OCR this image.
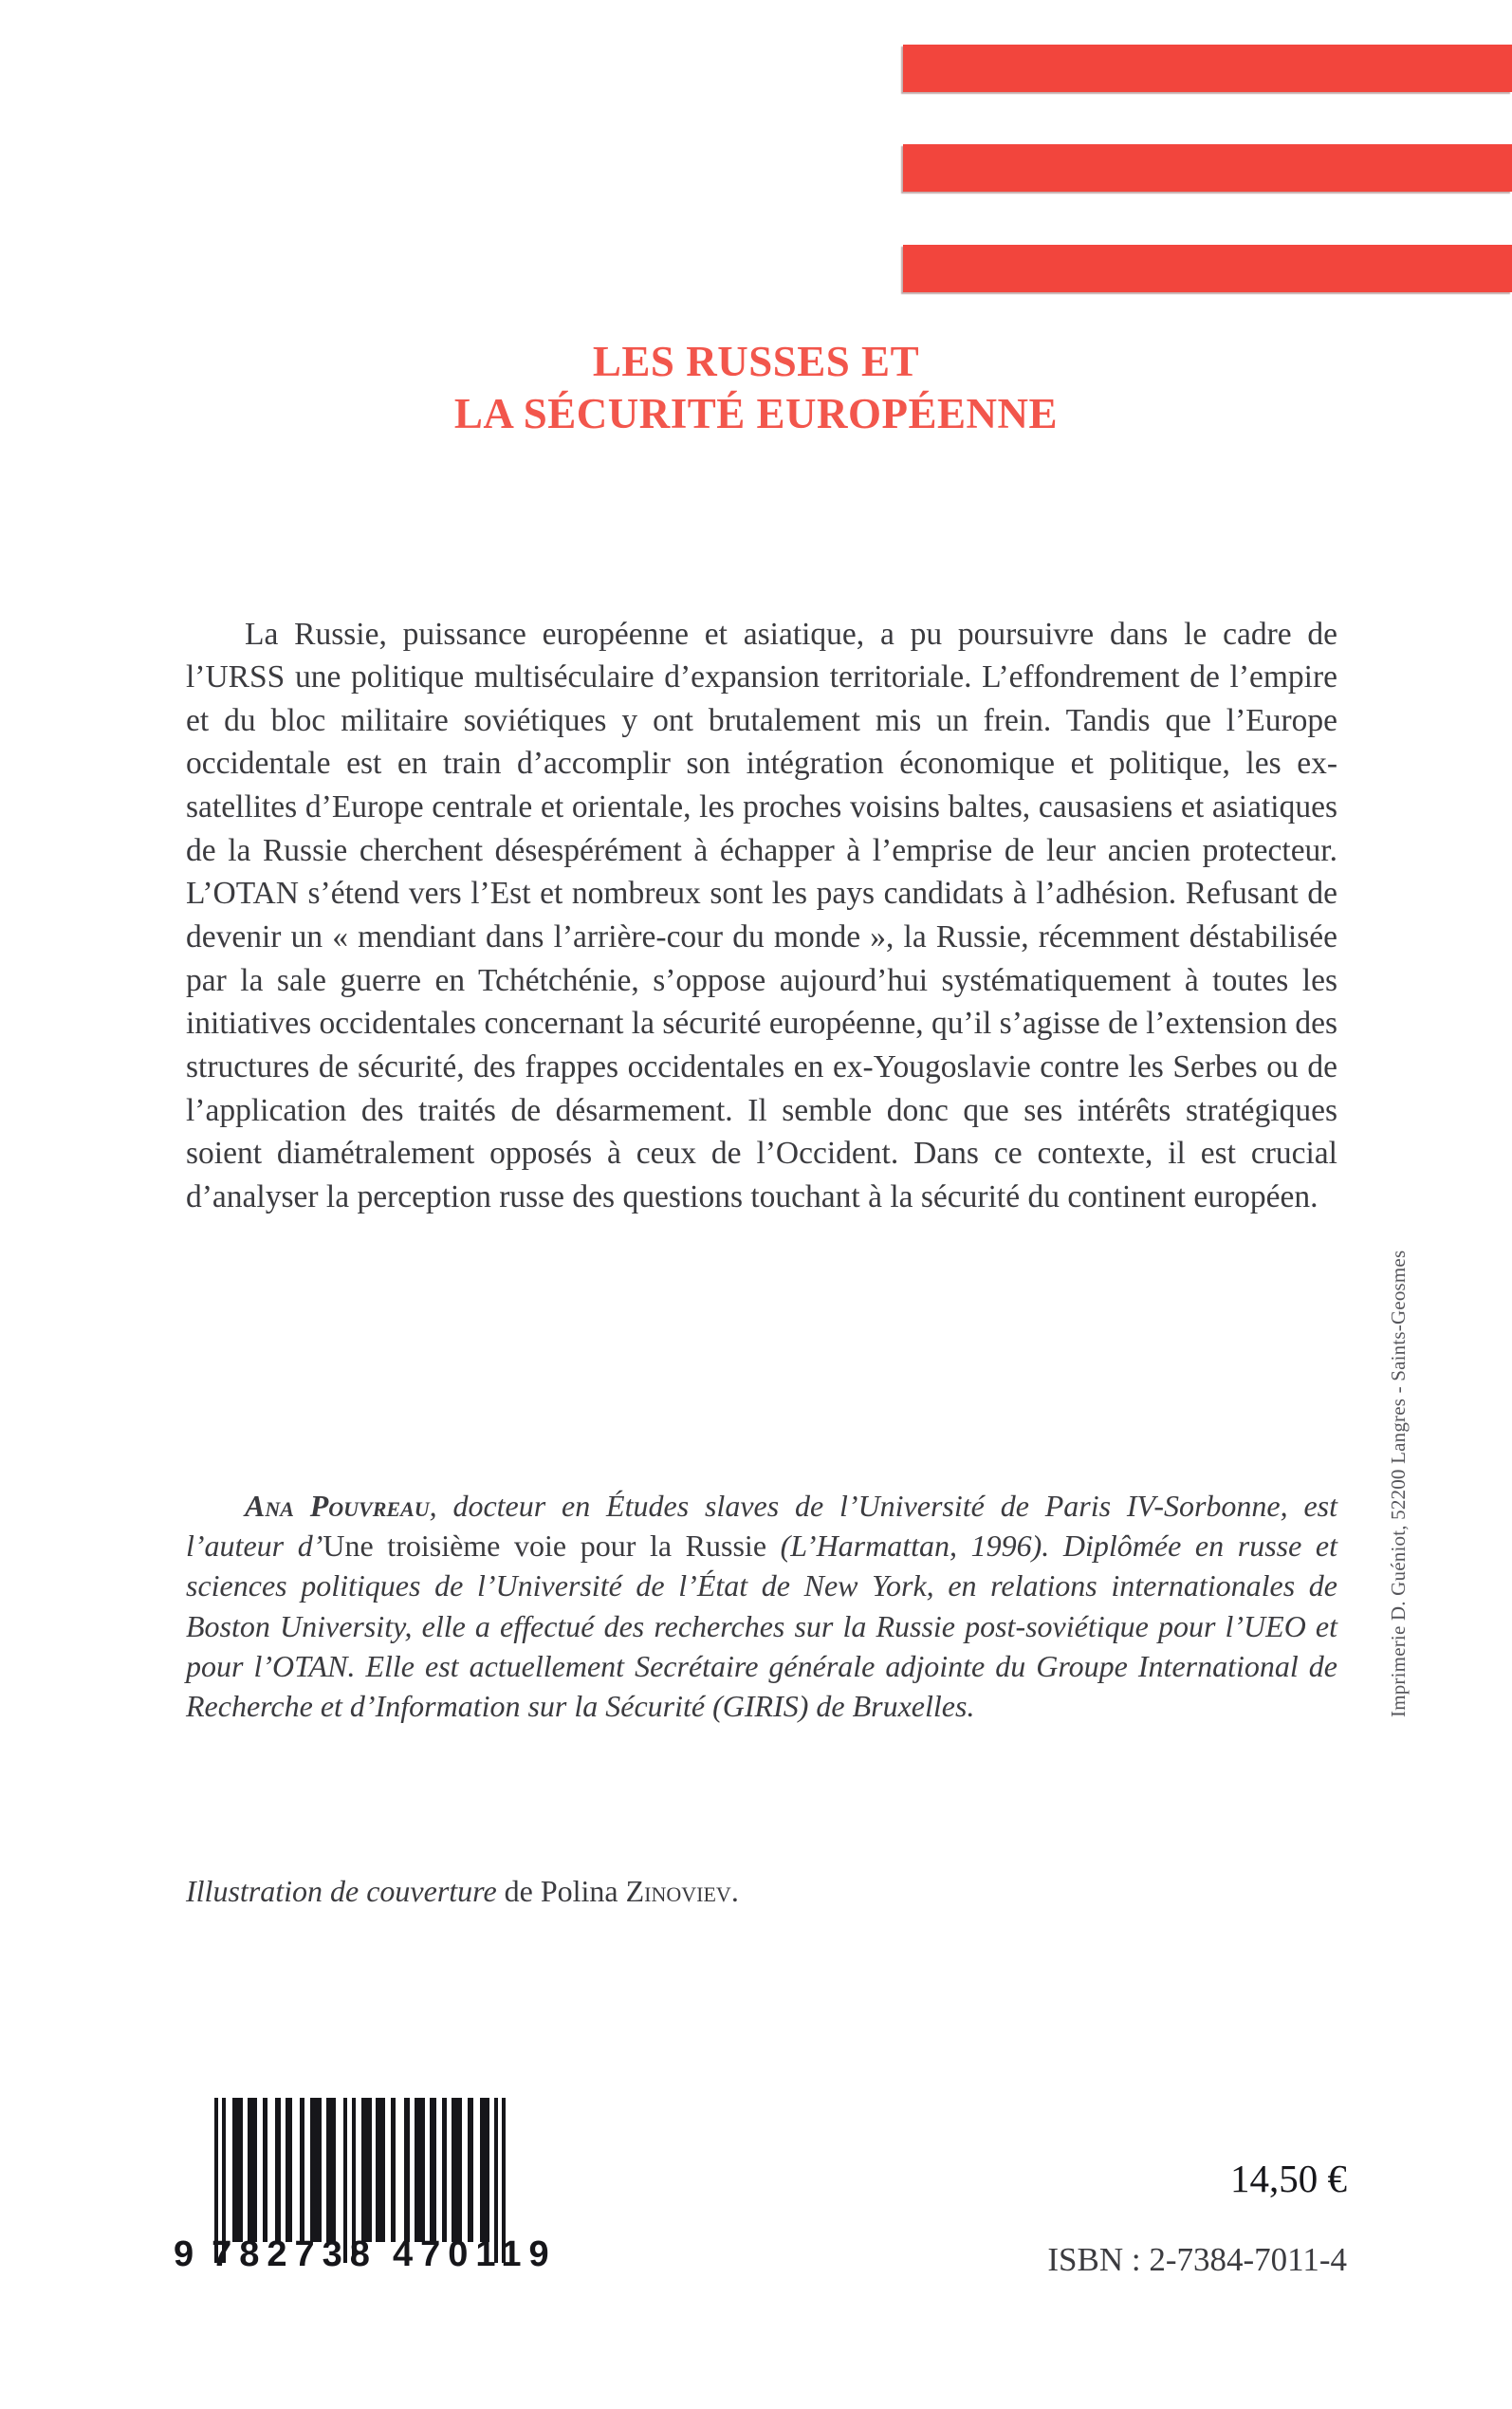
LES RUSSES ET
LA SÉCURITÉ EUROPÉENNE

La Russie, puissance européenne et asiatique, a pu poursuivre dans le cadre de l’URSS une politique multiséculaire d’expansion territoriale. L’effondrement de l’empire et du bloc militaire soviétiques y ont brutalement mis un frein. Tandis que l’Europe occidentale est en train d’accomplir son intégration économique et politique, les ex-satellites d’Europe centrale et orientale, les proches voisins baltes, causasiens et asiatiques de la Russie cherchent désespérément à échapper à l’emprise de leur ancien protecteur. L’OTAN s’étend vers l’Est et nombreux sont les pays candidats à l’adhésion. Refusant de devenir un « mendiant dans l’arrière-cour du monde », la Russie, récemment déstabilisée par la sale guerre en Tchétchénie, s’oppose aujourd’hui systématiquement à toutes les initiatives occidentales concernant la sécurité européenne, qu’il s’agisse de l’extension des structures de sécurité, des frappes occidentales en ex-Yougoslavie contre les Serbes ou de l’application des traités de désarmement. Il semble donc que ses intérêts stratégiques soient diamétralement opposés à ceux de l’Occident. Dans ce contexte, il est crucial d’analyser la perception russe des questions touchant à la sécurité du continent européen.

Ana Pouvreau, docteur en Études slaves de l’Université de Paris IV-Sorbonne, est l’auteur d’Une troisième voie pour la Russie (L’Harmattan, 1996). Diplômée en russe et sciences politiques de l’Université de l’État de New York, en relations internationales de Boston University, elle a effectué des recherches sur la Russie post-soviétique pour l’UEO et pour l’OTAN. Elle est actuellement Secrétaire générale adjointe du Groupe International de Recherche et d’Information sur la Sécurité (GIRIS) de Bruxelles.

Illustration de couverture de Polina Zinoviev.

9 782738 470119
14,50 €
ISBN : 2-7384-7011-4
Imprimerie D. Guéniot, 52200 Langres - Saints-Geosmes
